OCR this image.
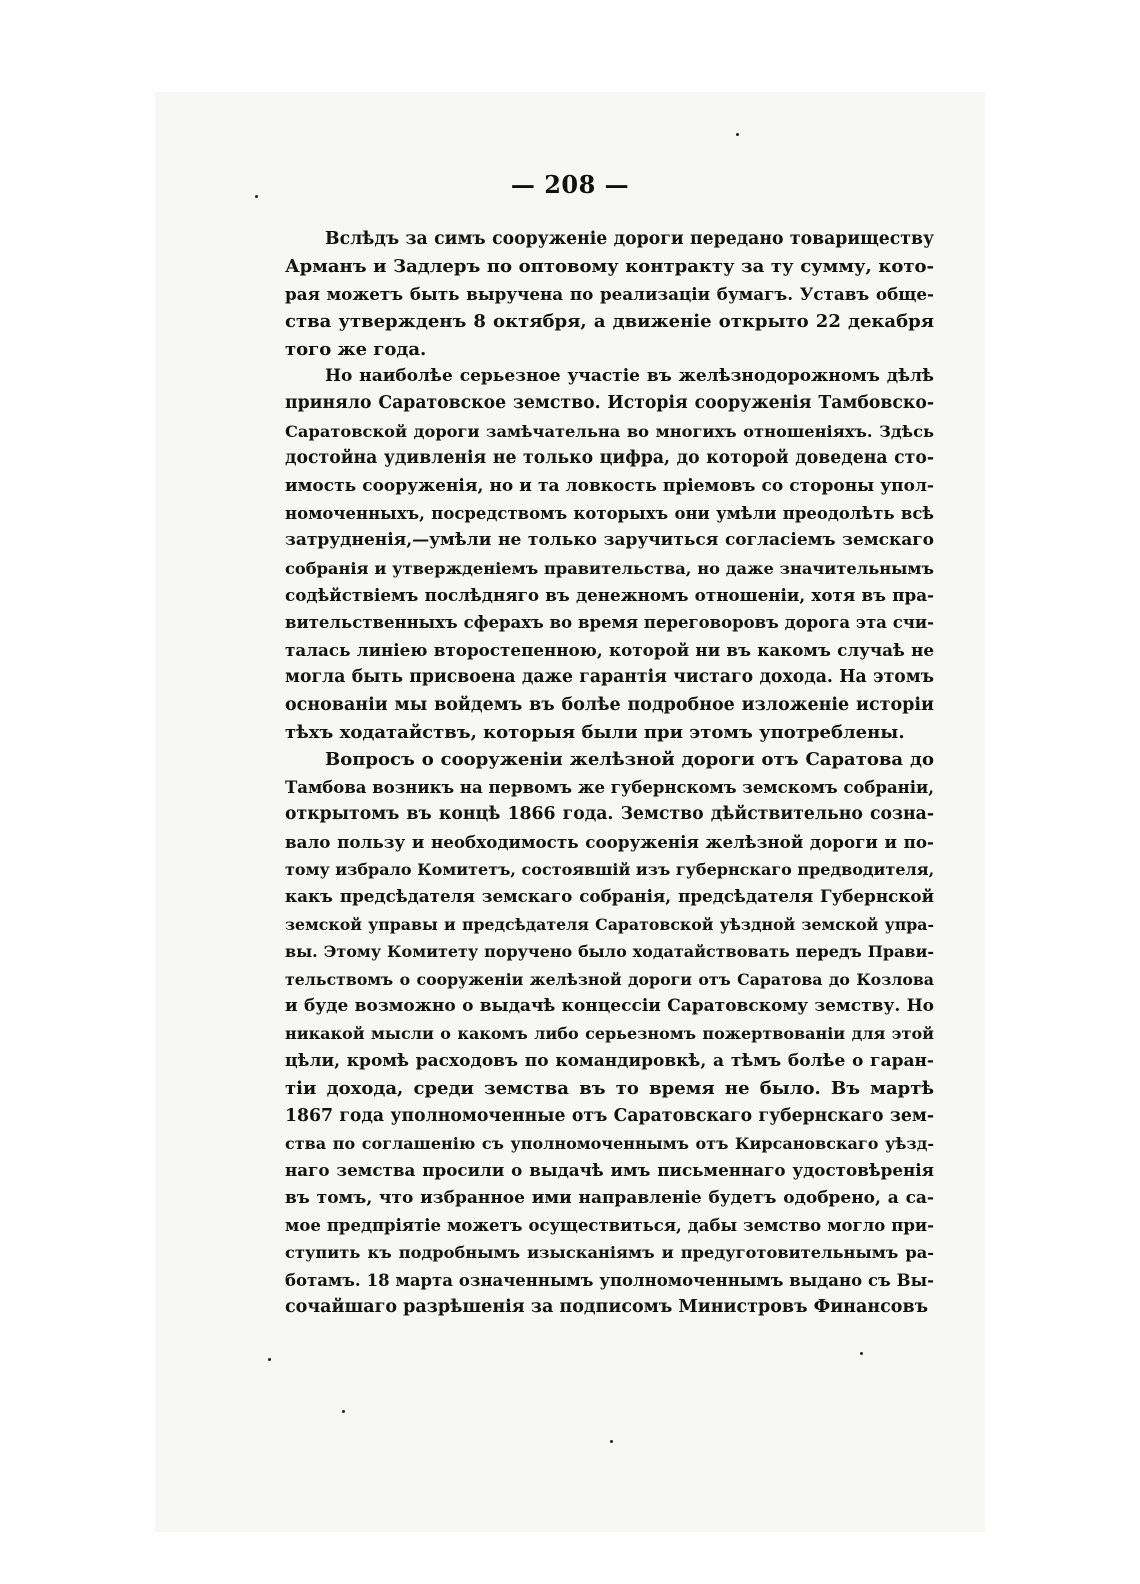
— 208 —
Вслѣдъ за симъ сооруженіе дороги передано товариществу
Арманъ и Задлеръ по оптовому контракту за ту сумму, кото-
рая можетъ быть выручена по реализаціи бумагъ. Уставъ обще-
ства утвержденъ 8 октября, а движеніе открыто 22 декабря
того же года.
Но наиболѣе серьезное участіе въ желѣзнодорожномъ дѣлѣ
приняло Саратовское земство. Исторія сооруженія Тамбовско-
Саратовской дороги замѣчательна во многихъ отношеніяхъ. Здѣсь
достойна удивленія не только цифра, до которой доведена сто-
имость сооруженія, но и та ловкость пріемовъ со стороны упол-
номоченныхъ, посредствомъ которыхъ они умѣли преодолѣть всѣ
затрудненія,—умѣли не только заручиться согласіемъ земскаго
собранія и утвержденіемъ правительства, но даже значительнымъ
содѣйствіемъ послѣдняго въ денежномъ отношеніи, хотя въ пра-
вительственныхъ сферахъ во время переговоровъ дорога эта счи-
талась линіею второстепенною, которой ни въ какомъ случаѣ не
могла быть присвоена даже гарантія чистаго дохода. На этомъ
основаніи мы войдемъ въ болѣе подробное изложеніе исторіи
тѣхъ ходатайствъ, которыя были при этомъ употреблены.
Вопросъ о сооруженіи желѣзной дороги отъ Саратова до
Тамбова возникъ на первомъ же губернскомъ земскомъ собраніи,
открытомъ въ концѣ 1866 года. Земство дѣйствительно созна-
вало пользу и необходимость сооруженія желѣзной дороги и по-
тому избрало Комитетъ, состоявшій изъ губернскаго предводителя,
какъ предсѣдателя земскаго собранія, предсѣдателя Губернской
земской управы и предсѣдателя Саратовской уѣздной земской упра-
вы. Этому Комитету поручено было ходатайствовать передъ Прави-
тельствомъ о сооруженіи желѣзной дороги отъ Саратова до Козлова
и буде возможно о выдачѣ концессіи Саратовскому земству. Но
никакой мысли о какомъ либо серьезномъ пожертвованіи для этой
цѣли, кромѣ расходовъ по командировкѣ, а тѣмъ болѣе о гаран-
тіи дохода, среди земства въ то время не было. Въ мартѣ
1867 года уполномоченные отъ Саратовскаго губернскаго зем-
ства по соглашенію съ уполномоченнымъ отъ Кирсановскаго уѣзд-
наго земства просили о выдачѣ имъ письменнаго удостовѣренія
въ томъ, что избранное ими направленіе будетъ одобрено, а са-
мое предпріятіе можетъ осуществиться, дабы земство могло при-
ступить къ подробнымъ изысканіямъ и предуготовительнымъ ра-
ботамъ. 18 марта означеннымъ уполномоченнымъ выдано съ Вы-
сочайшаго разрѣшенія за подписомъ Министровъ Финансовъ
